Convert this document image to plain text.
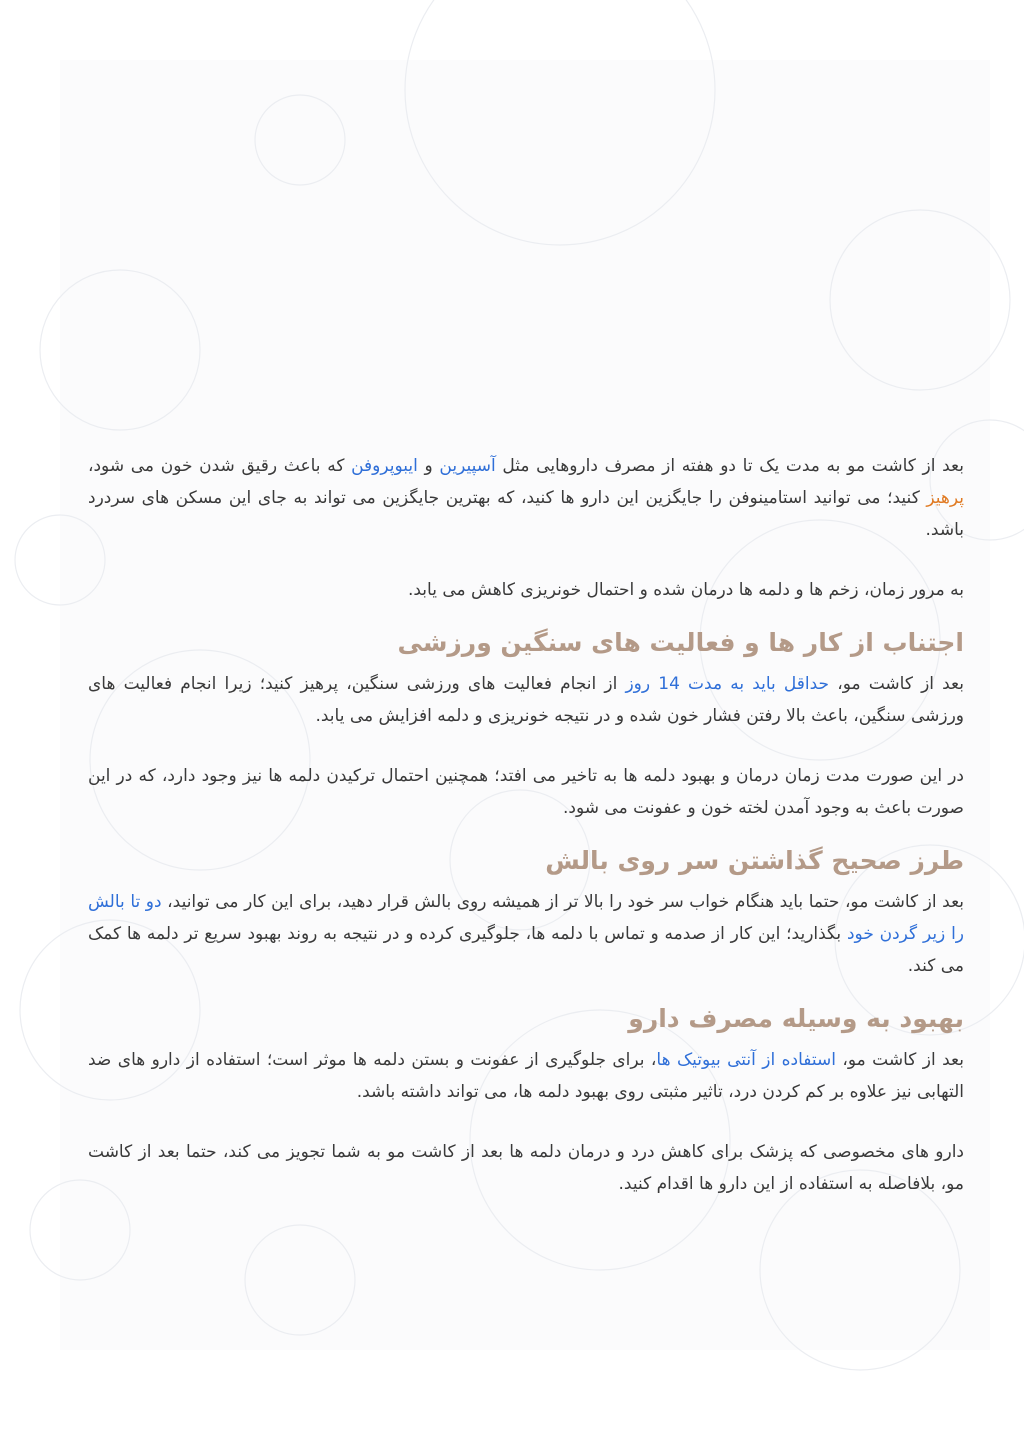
بعد از کاشت مو به مدت یک تا دو هفته از مصرف داروهایی مثل آسپیرین و ایبوپروفن که باعث رقیق شدن خون می شود، پرهیز کنید؛ می توانید استامینوفن را جایگزین این دارو ها کنید، که بهترین جایگزین می تواند به جای این مسکن های سردرد باشد.

به مرور زمان، زخم ها و دلمه ها درمان شده و احتمال خونریزی کاهش می یابد.

اجتناب از کار ها و فعالیت های سنگین ورزشی

بعد از کاشت مو، حداقل باید به مدت 14 روز از انجام فعالیت های ورزشی سنگین، پرهیز کنید؛ زیرا انجام فعالیت های ورزشی سنگین، باعث بالا رفتن فشار خون شده و در نتیجه خونریزی و دلمه افزایش می یابد.

در این صورت مدت زمان درمان و بهبود دلمه ها به تاخیر می افتد؛ همچنین احتمال ترکیدن دلمه ها نیز وجود دارد، که در این صورت باعث به وجود آمدن لخته خون و عفونت می شود.

طرز صحیح گذاشتن سر روی بالش

بعد از کاشت مو، حتما باید هنگام خواب سر خود را بالا تر از همیشه روی بالش قرار دهید، برای این کار می توانید، دو تا بالش را زیر گردن خود بگذارید؛ این کار از صدمه و تماس با دلمه ها، جلوگیری کرده و در نتیجه به روند بهبود سریع تر دلمه ها کمک می کند.

بهبود به وسیله مصرف دارو

بعد از کاشت مو، استفاده از آنتی بیوتیک ها، برای جلوگیری از عفونت و بستن دلمه ها موثر است؛ استفاده از دارو های ضد التهابی نیز علاوه بر کم کردن درد، تاثیر مثبتی روی بهبود دلمه ها، می تواند داشته باشد.

دارو های مخصوصی که پزشک برای کاهش درد و درمان دلمه ها بعد از کاشت مو به شما تجویز می کند، حتما بعد از کاشت مو، بلافاصله به استفاده از این دارو ها اقدام کنید.
